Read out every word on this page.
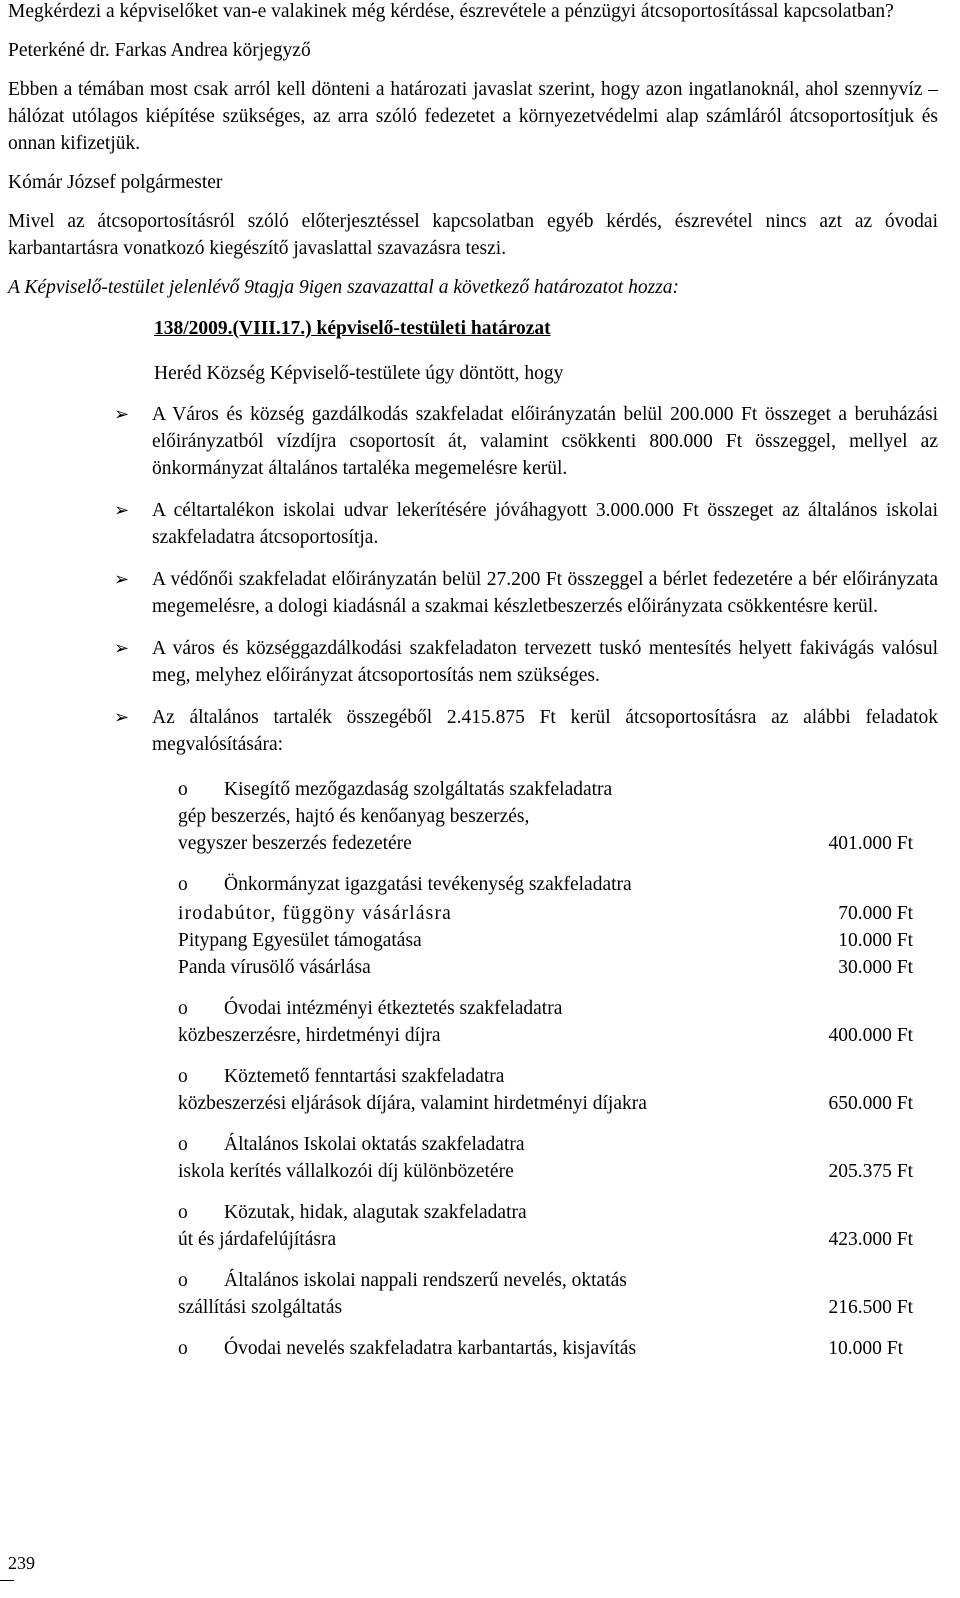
Megkérdezi a képviselőket van-e valakinek még kérdése, észrevétele a pénzügyi átcsoportosítással kapcsolatban?

Peterkéné dr. Farkas Andrea körjegyző

Ebben a témában most csak arról kell dönteni a határozati javaslat szerint, hogy azon ingatlanoknál, ahol szennyvíz –hálózat utólagos kiépítése szükséges, az arra szóló fedezetet a környezetvédelmi alap számláról átcsoportosítjuk és onnan kifizetjük.

Kómár József polgármester

Mivel az átcsoportosításról szóló előterjesztéssel kapcsolatban egyéb kérdés, észrevétel nincs azt az óvodai karbantartásra vonatkozó kiegészítő javaslattal szavazásra teszi.

A Képviselő-testület jelenlévő 9tagja 9igen szavazattal a következő határozatot hozza:

138/2009.(VIII.17.) képviselő-testületi határozat

Heréd Község Képviselő-testülete úgy döntött, hogy

➢ A Város és község gazdálkodás szakfeladat előirányzatán belül 200.000 Ft összeget a beruházási előirányzatból vízdíjra csoportosít át, valamint csökkenti 800.000 Ft összeggel, mellyel az önkormányzat általános tartaléka megemelésre kerül.
➢ A céltartalékon iskolai udvar lekerítésére jóváhagyott 3.000.000 Ft összeget az általános iskolai szakfeladatra átcsoportosítja.
➢ A védőnői szakfeladat előirányzatán belül 27.200 Ft összeggel a bérlet fedezetére a bér előirányzata megemelésre, a dologi kiadásnál a szakmai készletbeszerzés előirányzata csökkentésre kerül.
➢ A város és községgazdálkodási szakfeladaton tervezett tuskó mentesítés helyett fakivágás valósul meg, melyhez előirányzat átcsoportosítás nem szükséges.
➢ Az általános tartalék összegéből 2.415.875 Ft kerül átcsoportosításra az alábbi feladatok megvalósítására:
o Kisegítő mezőgazdaság szolgáltatás szakfeladatra
gép beszerzés, hajtó és kenőanyag beszerzés,
vegyszer beszerzés fedezetére	401.000 Ft
o Önkormányzat igazgatási tevékenység szakfeladatra
irodabútor, függöny vásárlásra	70.000 Ft
Pitypang Egyesület támogatása	10.000 Ft
Panda vírusölő vásárlása	30.000 Ft
o Óvodai intézményi étkeztetés szakfeladatra
közbeszerzésre, hirdetményi díjra	400.000 Ft
o Köztemető fenntartási szakfeladatra
közbeszerzési eljárások díjára, valamint hirdetményi díjakra	650.000 Ft
o Általános Iskolai oktatás szakfeladatra
iskola kerítés vállalkozói díj különbözetére	205.375 Ft
o Közutak, hidak, alagutak szakfeladatra
út és járdafelújításra	423.000 Ft
o Általános iskolai nappali rendszerű nevelés, oktatás
szállítási szolgáltatás	216.500 Ft
o Óvodai nevelés szakfeladatra karbantartás, kisjavítás	10.000 Ft
239
